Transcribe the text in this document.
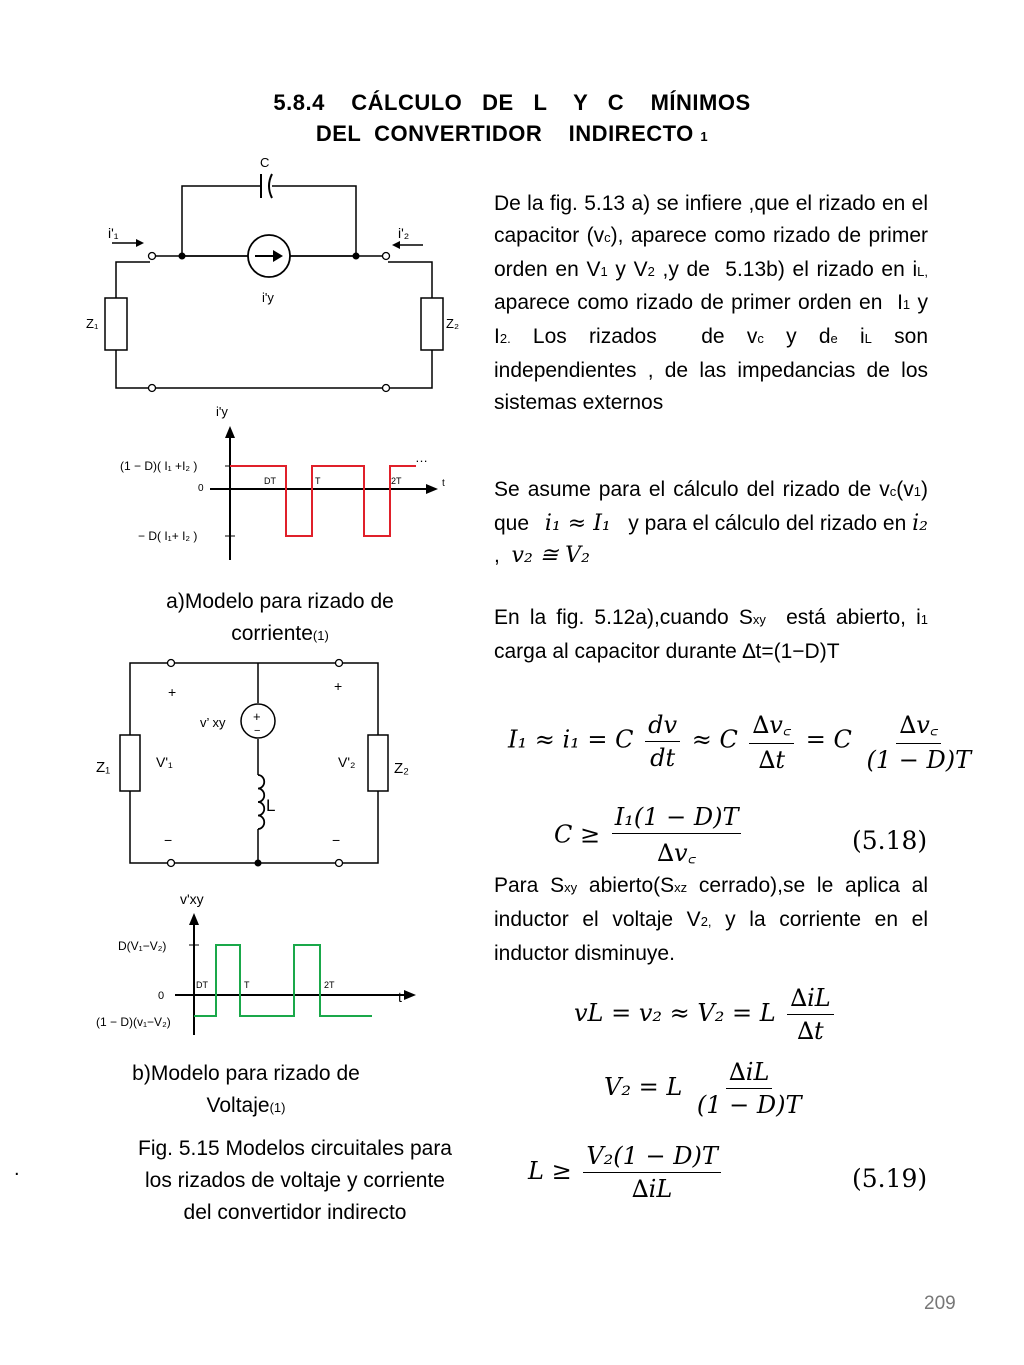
5.8.4    CÁLCULO   DE   L    Y   C    MÍNIMOS
DEL  CONVERTIDOR    INDIRECTO 1
C
i'₁	i'₂
i'y
Z₁	Z₂
i'y
(1 − D)( I₁ +I₂ )
0
− D( I₁+ I₂ )
DT	T	2T	t
…
a)Modelo para rizado de
corriente(1)
+	+
v’ xy +
−
Z₁	V'₁	V'₂	Z₂
L
−	−
v'xy
D(V₁−V₂)
0
(1 − D)(v₁−V₂)
DT	T	2T
t
b)Modelo para rizado de
Voltaje(1)
Fig. 5.15 Modelos circuitales para
los rizados de voltaje y corriente
del convertidor indirecto
.
De la fig. 5.13 a) se infiere ,que el rizado en el capacitor (vc), aparece como rizado de primer orden en V1 y V2 ,y de  5.13b) el rizado en iL, aparece como rizado de primer orden en  I1 y I2. Los rizados  de vc y de iL son independientes , de las impedancias de los sistemas externos
Se asume para el cálculo del rizado de vc(v1)  que i₁ ≈ I₁   y para el cálculo del rizado en i₂ ,  v₂ ≅ V₂
En la fig. 5.12a),cuando Sxy  está abierto, i1 carga al capacitor durante ∆t=(1−D)T
I₁ ≈ i₁ = C $\frac{dv}{dt} \approx C \frac{\Delta v꜀}{\Delta t} = C \frac{\Delta v꜀}{(1 - D)T}$
$C \ge \frac{\text{I₁(1 − D)T}}{\Delta v꜀}$	(5.18)
Para Sxy abierto(Sxz cerrado),se le aplica al inductor el voltaje V2, y la corriente en el inductor disminuye.
vL = v₂ ≈ V₂ = L $\frac{\Delta iL}{\Delta t}$
V₂ = L $\frac{\Delta iL}{(1 - D)T}$
$L \ge \frac{\text{V₂(1 − D)T}}{\Delta iL}$	(5.19)
209
